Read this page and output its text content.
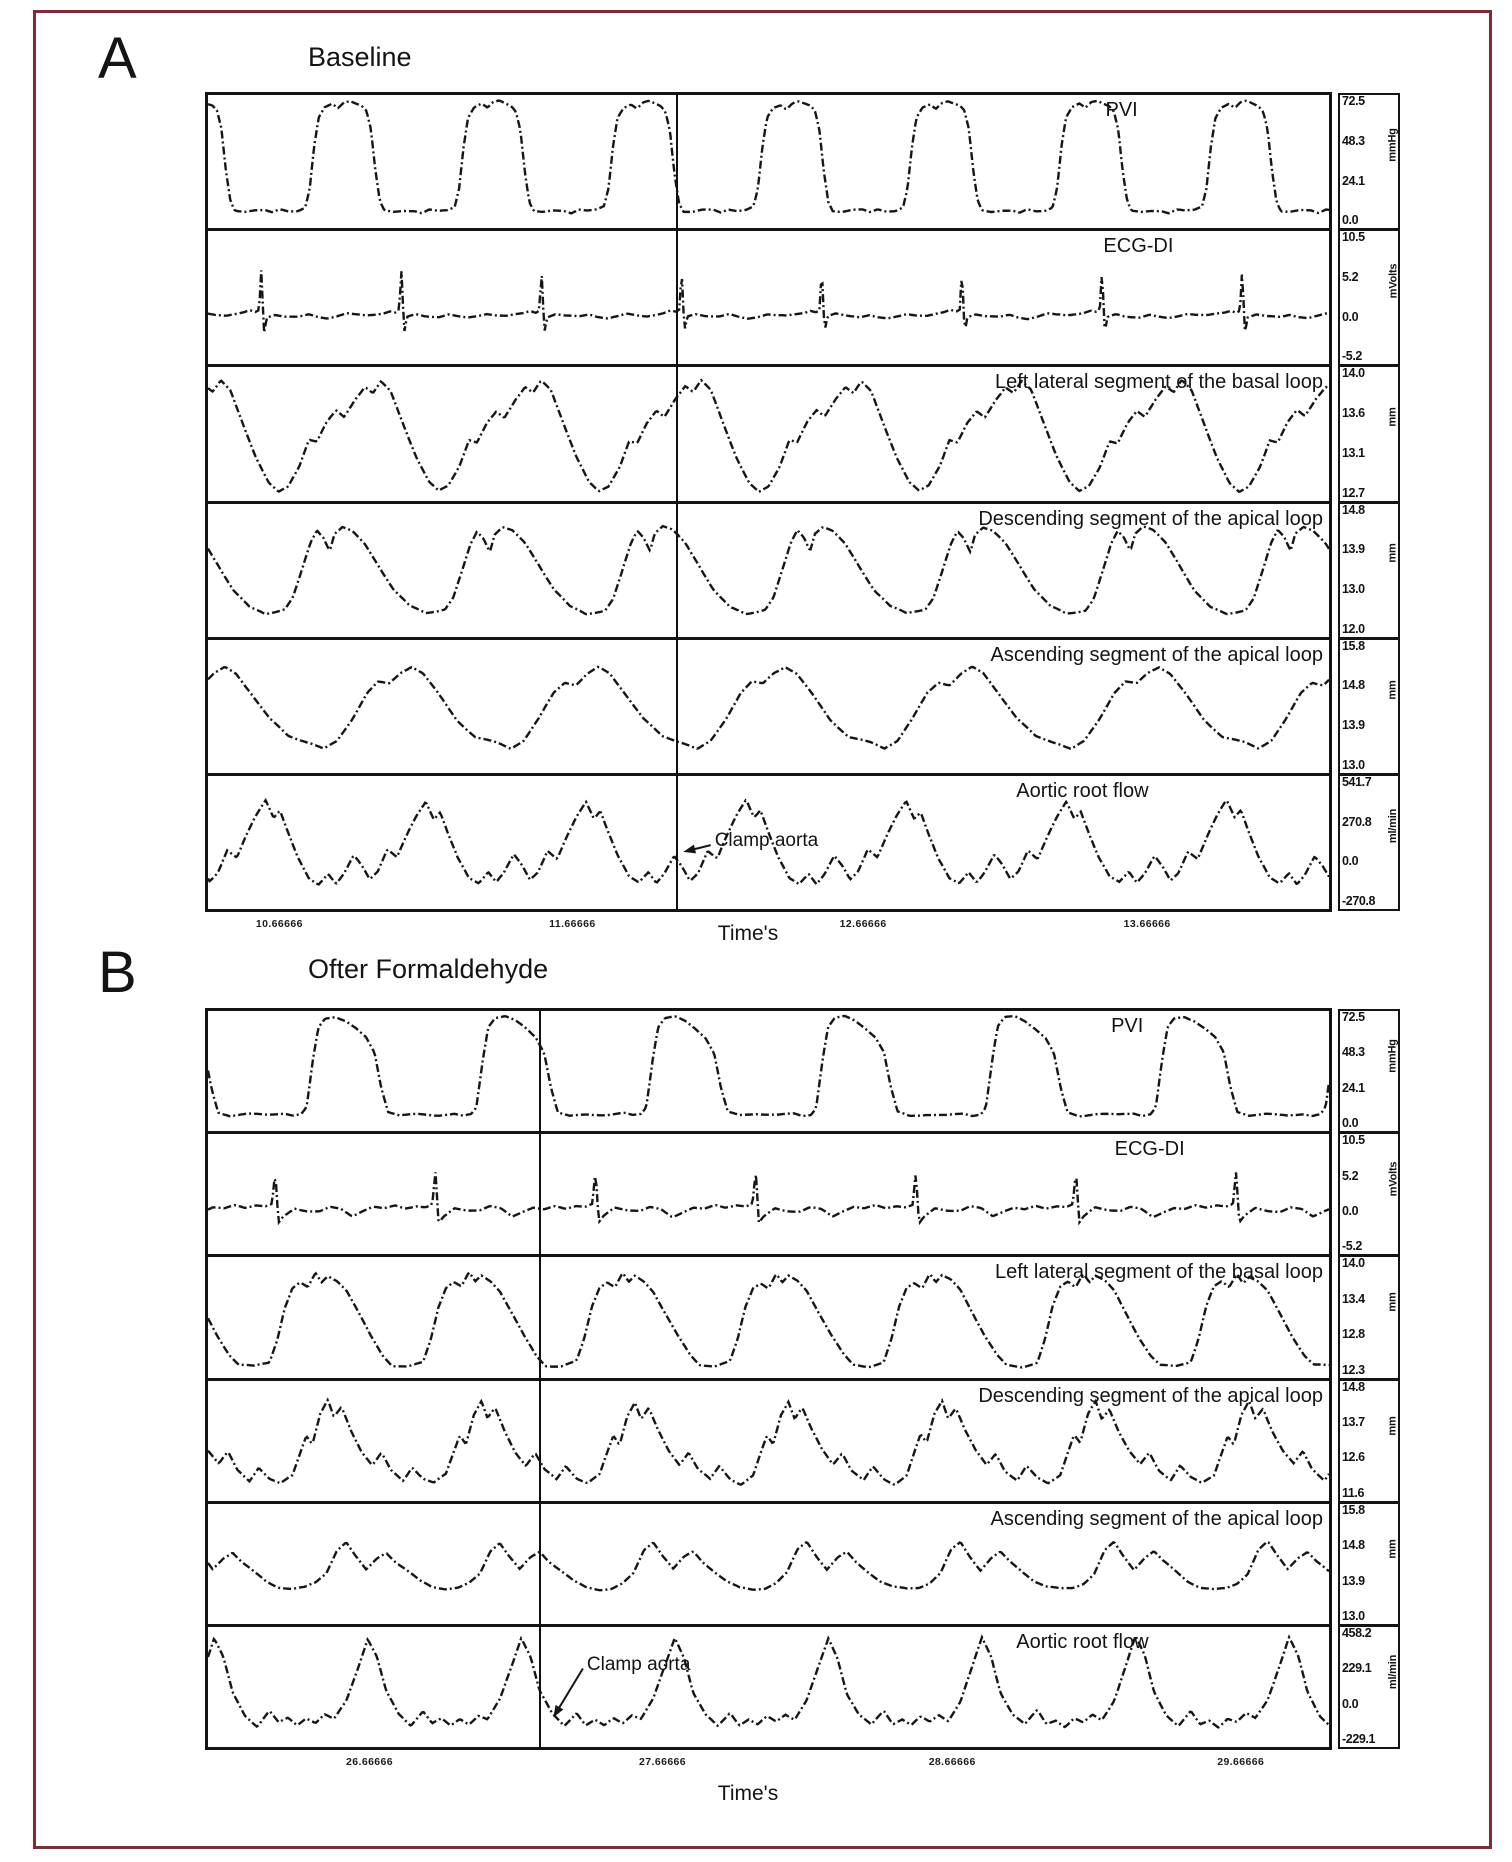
A	Baseline
PVI	72.5
48.3
24.1
0.0
mmHg
ECG-DI	10.5
5.2
0.0
-5.2
mVolts
Left lateral segment of the basal loop 14.0
13.6
13.1
12.7
mm
Descending segment of the apical loop 14.8
13.9
13.0
12.0
mm
Ascending segment of the apical loop 15.8
14.8
13.9
13.0
mm
Aortic root flow	541.7
270.8
0.0
-270.8
ml/min
Clamp aorta
Time's
B	Ofter Formaldehyde
PVI	72.5
48.3
24.1
0.0
mmHg
ECG-DI	10.5
5.2
0.0
-5.2
mVolts
Left lateral segment of the basal loop 14.0
13.4
12.8
12.3
mm
Descending segment of the apical loop 14.8
13.7
12.6
11.6
mm
Ascending segment of the apical loop 15.8
14.8
13.9
13.0
mm
Aortic root flow	458.2
229.1
0.0
-229.1
ml/min
Clamp aorta
Time's
10.66666	11.66666	12.66666	13.66666
26.66666	27.66666	28.66666	29.66666
